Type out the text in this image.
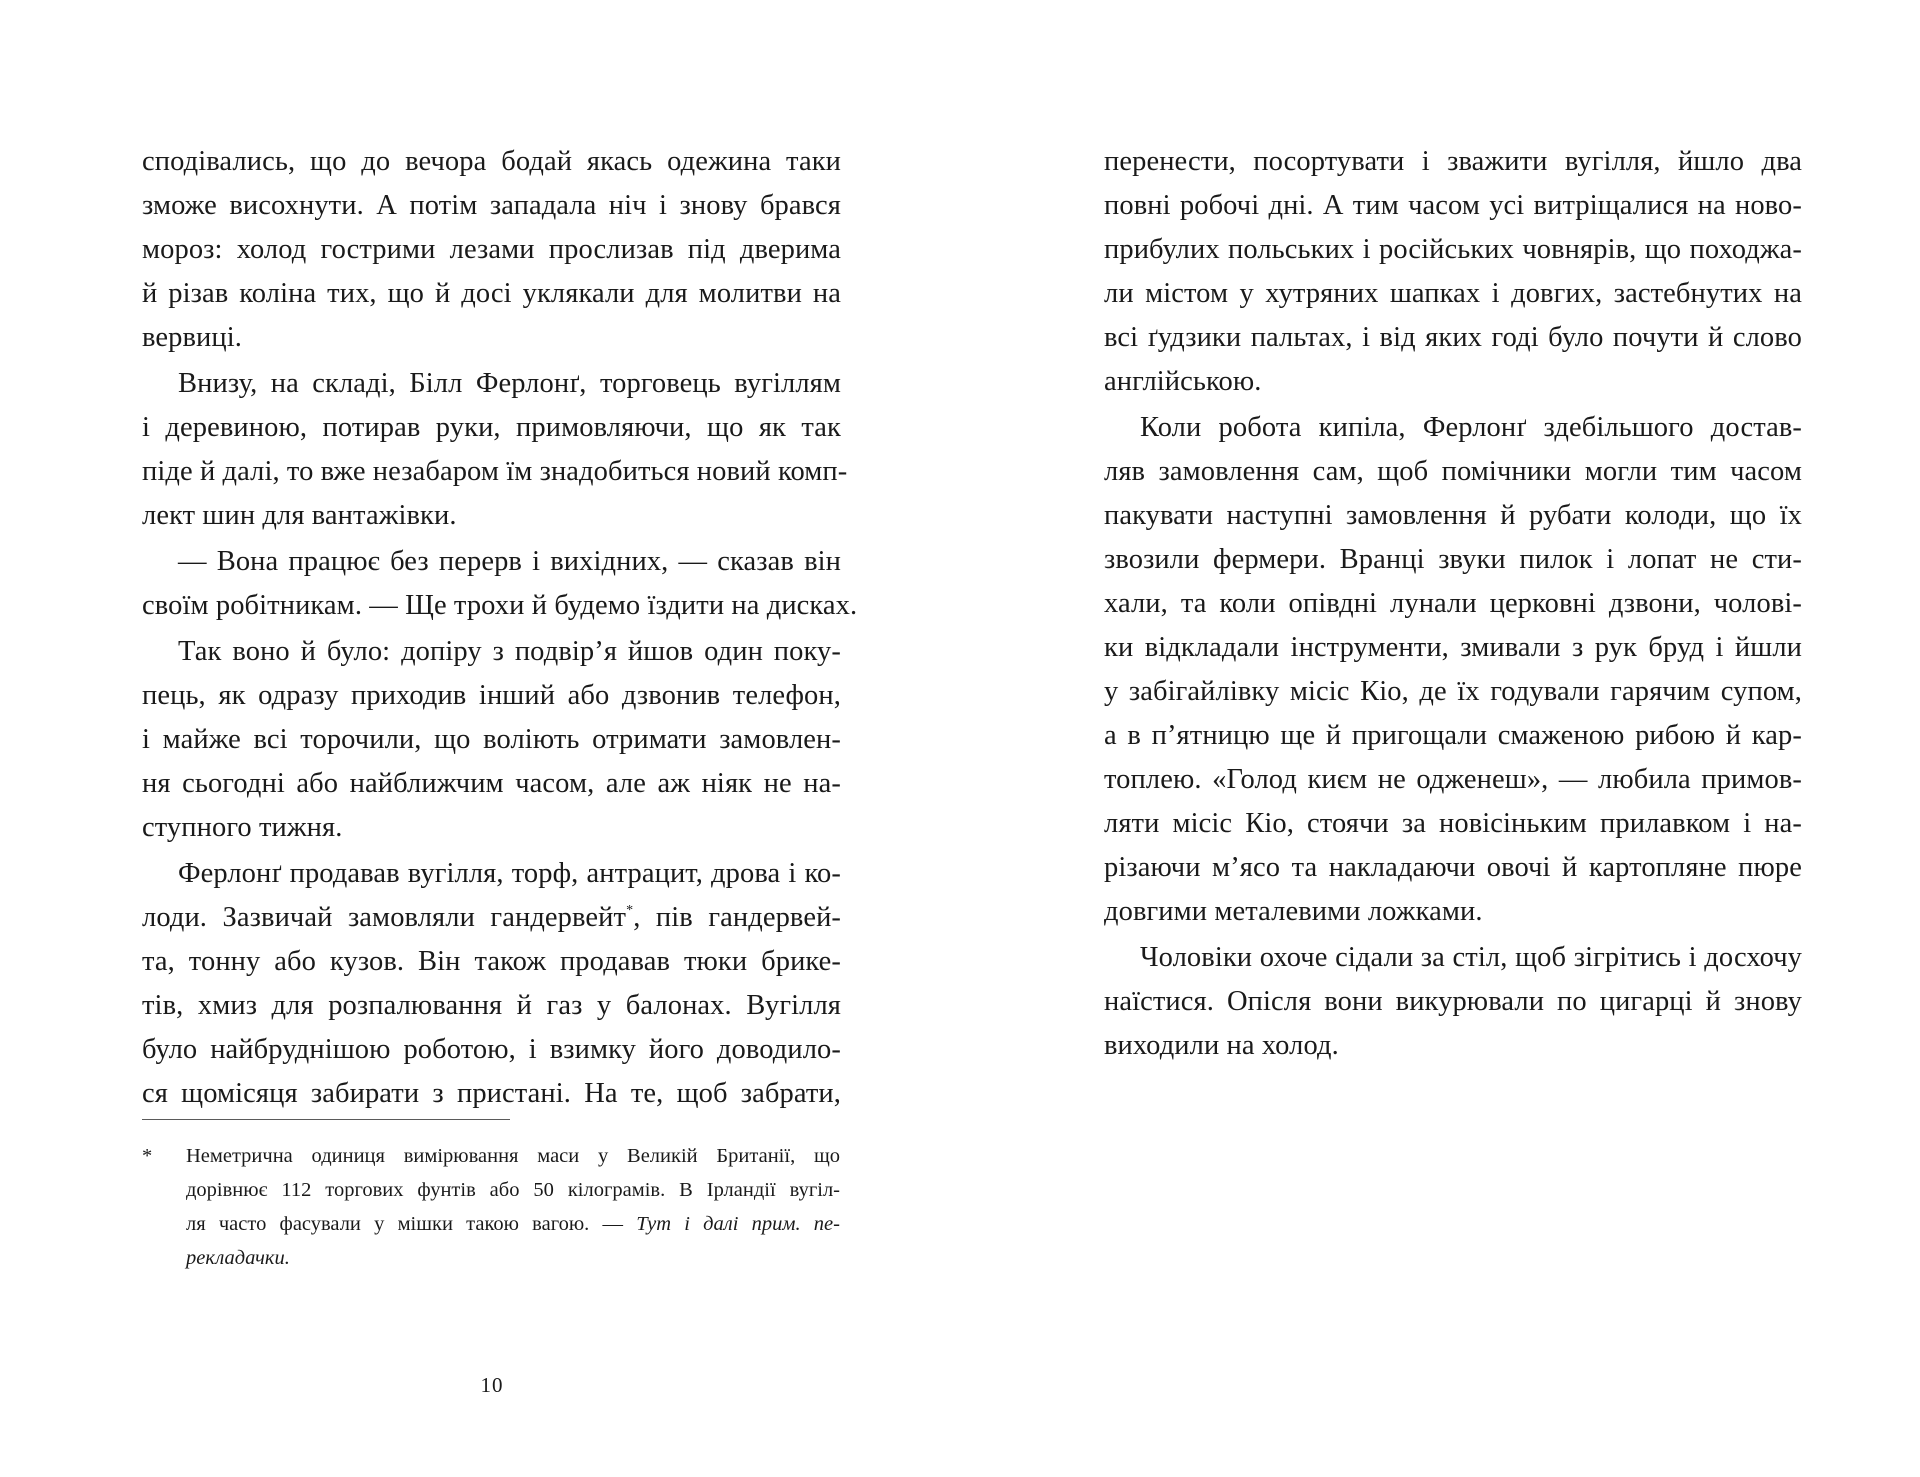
сподівались, що до вечора бодай якась одежина таки
зможе висохнути. А потім западала ніч і знову брався
мороз: холод гострими лезами прослизав під дверима
й різав коліна тих, що й досі уклякали для молитви на
вервиці.
Внизу, на складі, Білл Ферлонґ, торговець вугіллям
і деревиною, потирав руки, примовляючи, що як так
піде й далі, то вже незабаром їм знадобиться новий комп-
лект шин для вантажівки.
— Вона працює без перерв і вихідних, — сказав він
своїм робітникам. — Ще трохи й будемо їздити на дисках.
Так воно й було: допіру з подвір’я йшов один поку-
пець, як одразу приходив інший або дзвонив телефон,
і майже всі торочили, що воліють отримати замовлен-
ня сьогодні або найближчим часом, але аж ніяк не на-
ступного тижня.
Ферлонґ продавав вугілля, торф, антрацит, дрова і ко-
лоди. Зазвичай замовляли гандервейт*, пів гандервей-
та, тонну або кузов. Він також продавав тюки брике-
тів, хмиз для розпалювання й газ у балонах. Вугілля
було найбруднішою роботою, і взимку його доводило-
ся щомісяця забирати з пристані. На те, щоб забрати,
* Неметрична одиниця вимірювання маси у Великій Британії, що
дорівнює 112 торгових фунтів або 50 кілограмів. В Ірландії вугіл-
ля часто фасували у мішки такою вагою. — Тут і далі прим. пе-
рекладачки.
10
перенести, посортувати і зважити вугілля, йшло два
повні робочі дні. А тим часом усі витріщалися на ново-
прибулих польських і російських човнярів, що походжа-
ли містом у хутряних шапках і довгих, застебнутих на
всі ґудзики пальтах, і від яких годі було почути й слово
англійською.
Коли робота кипіла, Ферлонґ здебільшого достав-
ляв замовлення сам, щоб помічники могли тим часом
пакувати наступні замовлення й рубати колоди, що їх
звозили фермери. Вранці звуки пилок і лопат не сти-
хали, та коли опівдні лунали церковні дзвони, чолові-
ки відкладали інструменти, змивали з рук бруд і йшли
у забігайлівку місіс Кіо, де їх годували гарячим супом,
а в п’ятницю ще й пригощали смаженою рибою й кар-
топлею. «Голод києм не одженеш», — любила примов-
ляти місіс Кіо, стоячи за новісіньким прилавком і на-
різаючи м’ясо та накладаючи овочі й картопляне пюре
довгими металевими ложками.
Чоловіки охоче сідали за стіл, щоб зігрітись і досхочу
наїстися. Опісля вони викурювали по цигарці й знову
виходили на холод.
